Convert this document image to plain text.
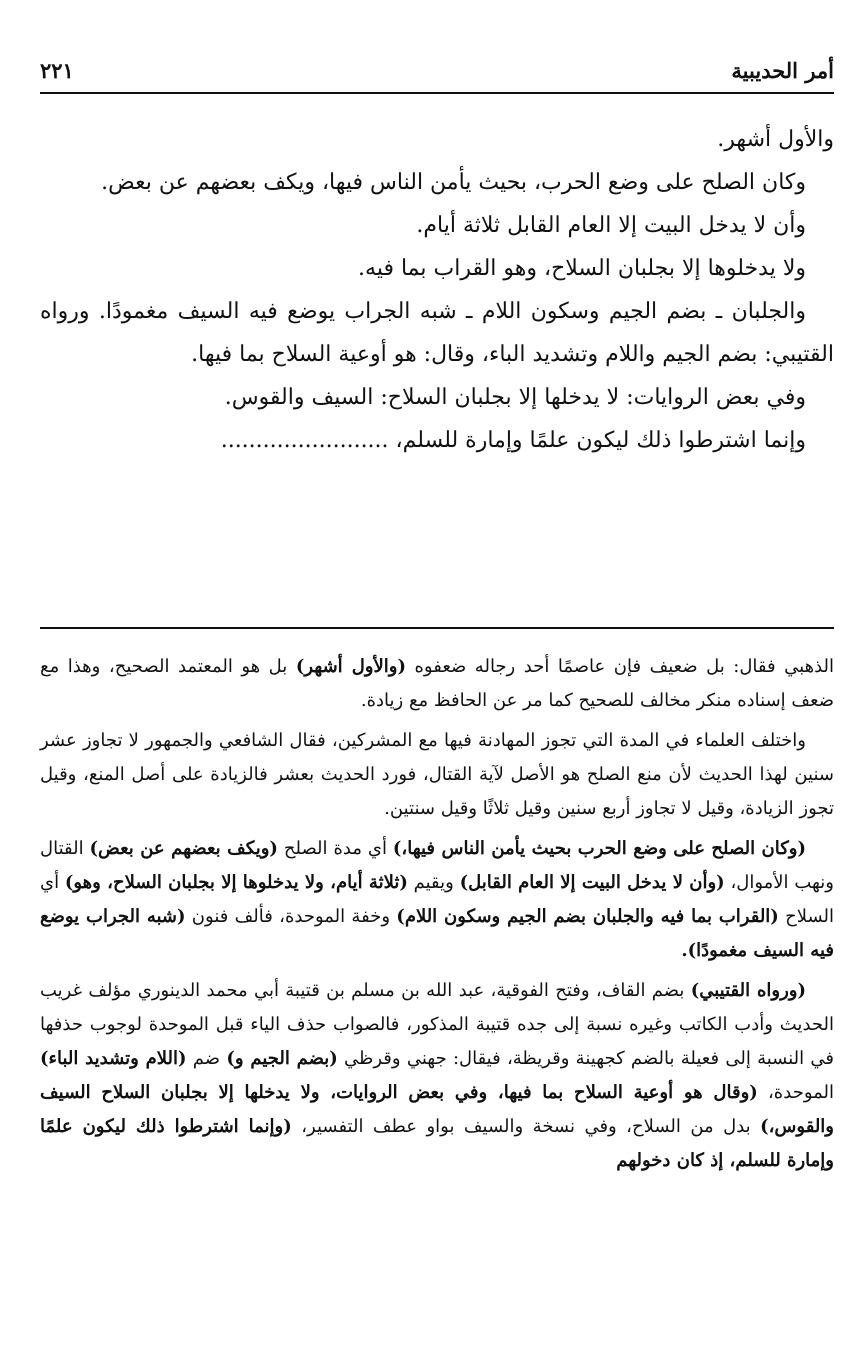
أمر الحديبية
٢٢١

والأول أشهر.

وكان الصلح على وضع الحرب، بحيث يأمن الناس فيها، ويكف بعضهم عن بعض.

وأن لا يدخل البيت إلا العام القابل ثلاثة أيام.

ولا يدخلوها إلا بجلبان السلاح، وهو القراب بما فيه.

والجلبان ـ بضم الجيم وسكون اللام ـ شبه الجراب يوضع فيه السيف مغمودًا. ورواه القتيبي: بضم الجيم واللام وتشديد الباء، وقال: هو أوعية السلاح بما فيها.

وفي بعض الروايات: لا يدخلها إلا بجلبان السلاح: السيف والقوس.

وإنما اشترطوا ذلك ليكون علمًا وإمارة للسلم، ........................

الذهبي فقال: بل ضعيف فإن عاصمًا أحد رجاله ضعفوه (والأول أشهر) بل هو المعتمد الصحيح، وهذا مع ضعف إسناده منكر مخالف للصحيح كما مر عن الحافظ مع زيادة.

واختلف العلماء في المدة التي تجوز المهادنة فيها مع المشركين، فقال الشافعي والجمهور لا تجاوز عشر سنين لهذا الحديث لأن منع الصلح هو الأصل لآية القتال، فورد الحديث بعشر فالزيادة على أصل المنع، وقيل تجوز الزيادة، وقيل لا تجاوز أربع سنين وقيل ثلاثًا وقيل سنتين.

(وكان الصلح على وضع الحرب بحيث يأمن الناس فيها،) أي مدة الصلح (ويكف بعضهم عن بعض) القتال ونهب الأموال، (وأن لا يدخل البيت إلا العام القابل) ويقيم (ثلاثة أيام، ولا يدخلوها إلا بجلبان السلاح، وهو) أي السلاح (القراب بما فيه والجلبان بضم الجيم وسكون اللام) وخفة الموحدة، فألف فنون (شبه الجراب يوضع فيه السيف مغمودًا).

(ورواه القتيبي) بضم القاف، وفتح الفوقية، عبد الله بن مسلم بن قتيبة أبي محمد الدينوري مؤلف غريب الحديث وأدب الكاتب وغيره نسبة إلى جده قتيبة المذكور، فالصواب حذف الياء قبل الموحدة لوجوب حذفها في النسبة إلى فعيلة بالضم كجهينة وقريظة، فيقال: جهني وقرظي (بضم الجيم و) ضم (اللام وتشديد الباء) الموحدة، (وقال هو أوعية السلاح بما فيها، وفي بعض الروايات، ولا يدخلها إلا بجلبان السلاح السيف والقوس،) بدل من السلاح، وفي نسخة والسيف بواو عطف التفسير، (وإنما اشترطوا ذلك ليكون علمًا وإمارة للسلم، إذ كان دخولهم
